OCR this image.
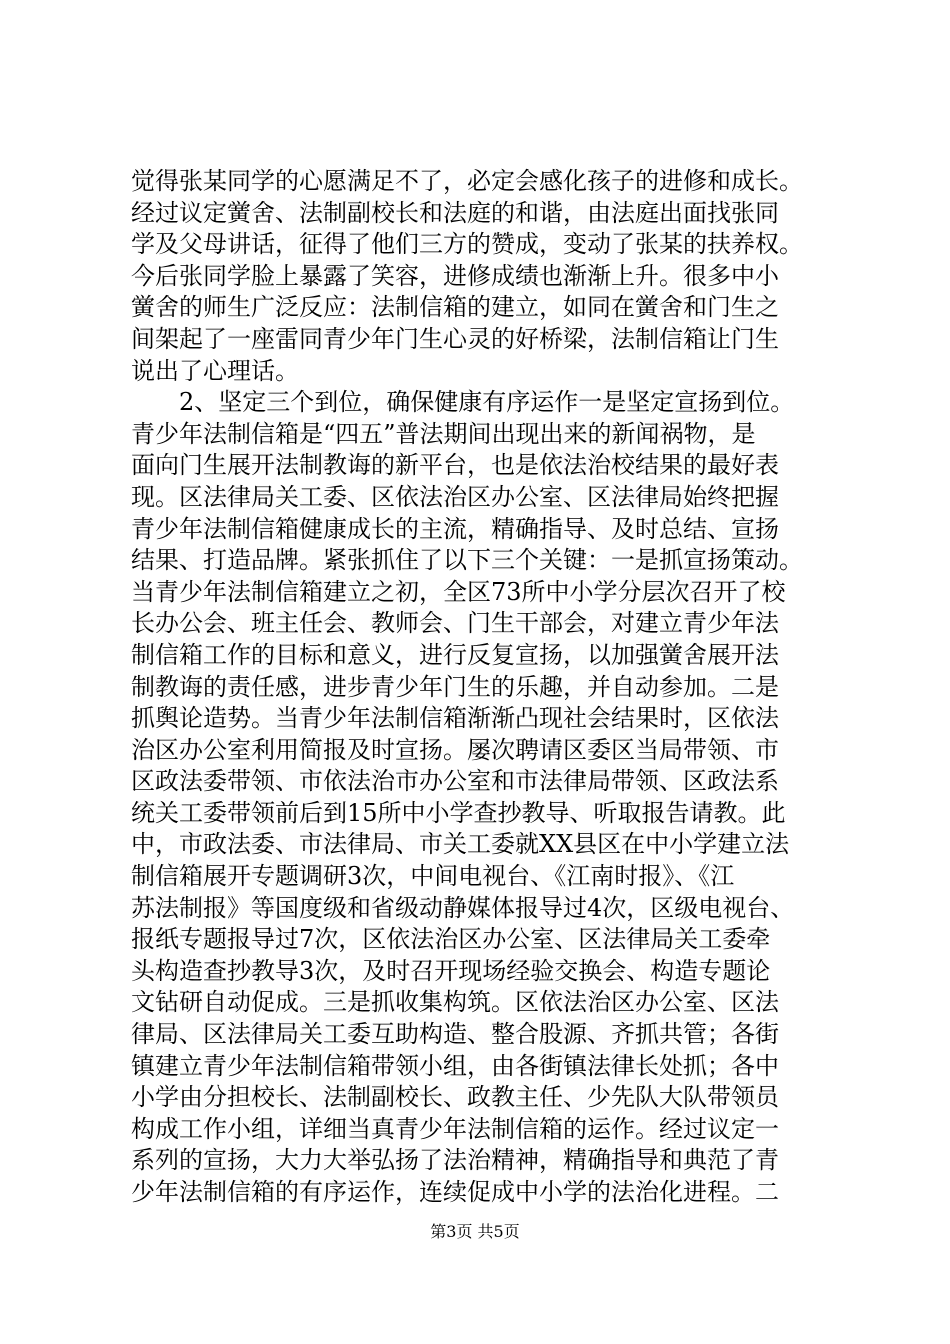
觉得张某同学的心愿满足不了，必定会感化孩子的进修和成长。
经过议定黉舍、法制副校长和法庭的和谐，由法庭出面找张同
学及父母讲话，征得了他们三方的赞成，变动了张某的扶养权。
今后张同学脸上暴露了笑容，进修成绩也渐渐上升。很多中小
黉舍的师生广泛反应：法制信箱的建立，如同在黉舍和门生之
间架起了一座雷同青少年门生心灵的好桥梁，法制信箱让门生
说出了心理话。
2、坚定三个到位，确保健康有序运作一是坚定宣扬到位。
青少年法制信箱是“四五”普法期间出现出来的新闻祸物，是
面向门生展开法制教诲的新平台，也是依法治校结果的最好表
现。区法律局关工委、区依法治区办公室、区法律局始终把握
青少年法制信箱健康成长的主流，精确指导、及时总结、宣扬
结果、打造品牌。紧张抓住了以下三个关键：一是抓宣扬策动。
当青少年法制信箱建立之初，全区73所中小学分层次召开了校
长办公会、班主任会、教师会、门生干部会，对建立青少年法
制信箱工作的目标和意义，进行反复宣扬，以加强黉舍展开法
制教诲的责任感，进步青少年门生的乐趣，并自动参加。二是
抓舆论造势。当青少年法制信箱渐渐凸现社会结果时，区依法
治区办公室利用简报及时宣扬。屡次聘请区委区当局带领、市
区政法委带领、市依法治市办公室和市法律局带领、区政法系
统关工委带领前后到15所中小学查抄教导、听取报告请教。此
中，市政法委、市法律局、市关工委就XX县区在中小学建立法
制信箱展开专题调研3次，中间电视台、《江南时报》、《江
苏法制报》等国度级和省级动静媒体报导过4次，区级电视台、
报纸专题报导过7次，区依法治区办公室、区法律局关工委牵
头构造查抄教导3次，及时召开现场经验交换会、构造专题论
文钻研自动促成。三是抓收集构筑。区依法治区办公室、区法
律局、区法律局关工委互助构造、整合股源、齐抓共管；各街
镇建立青少年法制信箱带领小组，由各街镇法律长处抓；各中
小学由分担校长、法制副校长、政教主任、少先队大队带领员
构成工作小组，详细当真青少年法制信箱的运作。经过议定一
系列的宣扬，大力大举弘扬了法治精神，精确指导和典范了青
少年法制信箱的有序运作，连续促成中小学的法治化进程。二
第3页 共5页
